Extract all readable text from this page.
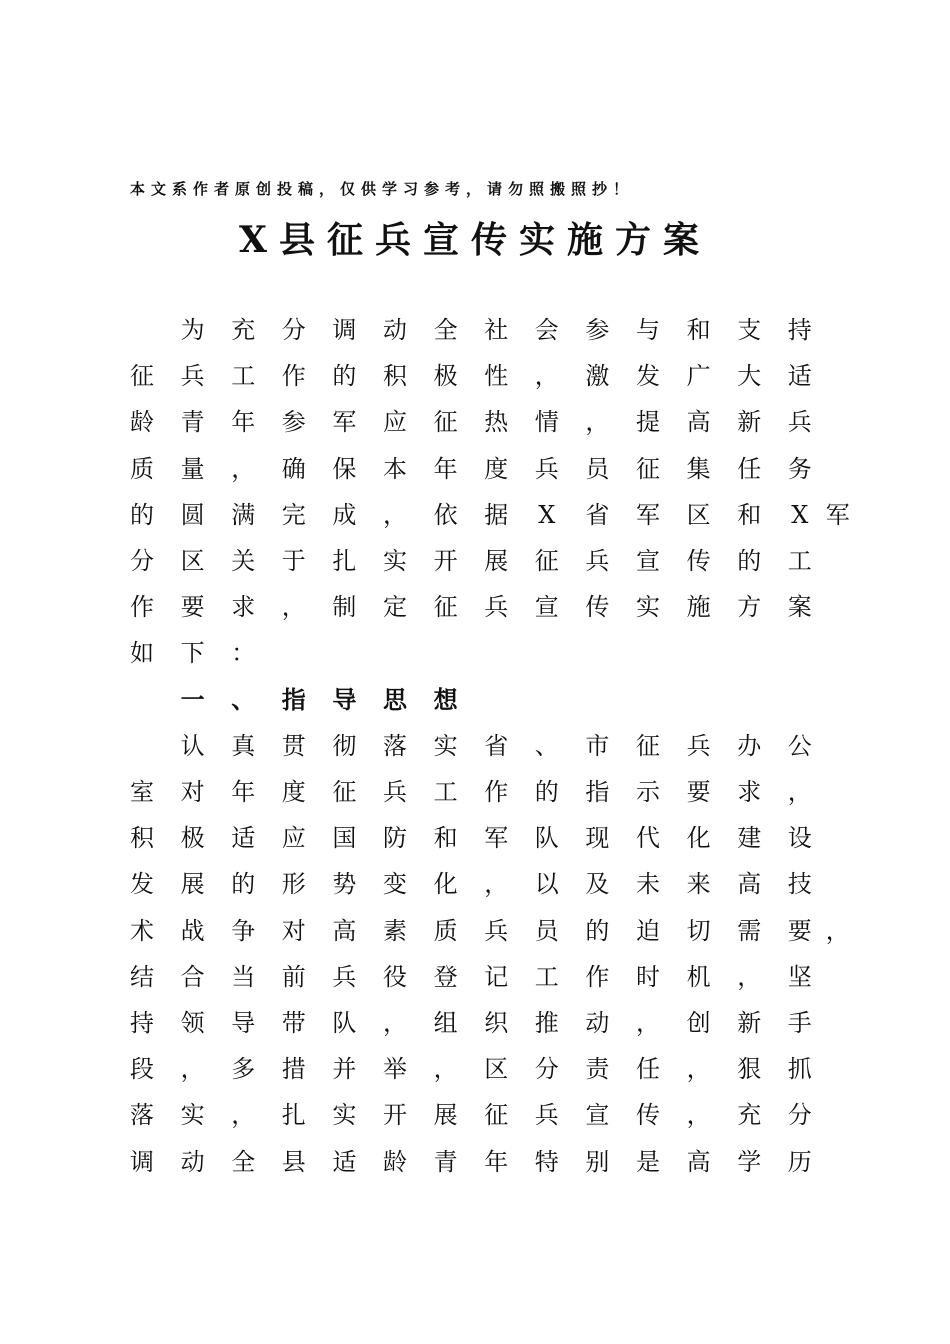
本文系作者原创投稿，仅供学习参考，请勿照搬照抄！
X县征兵宣传实施方案
为 充 分 调 动 全 社 会 参 与 和 支 持
征 兵 工 作 的 积 极 性 ， 激 发 广 大 适
龄 青 年 参 军 应 征 热 情 ， 提 高 新 兵
质 量 ， 确 保 本 年 度 兵 员 征 集 任 务
的 圆 满 完 成 ， 依 据 X 省 军 区 和 X 军
分 区 关 于 扎 实 开 展 征 兵 宣 传 的 工
作 要 求 ， 制 定 征 兵 宣 传 实 施 方 案
如 下 ：
一 、 指 导 思 想
认 真 贯 彻 落 实 省 、 市 征 兵 办 公
室 对 年 度 征 兵 工 作 的 指 示 要 求 ，
积 极 适 应 国 防 和 军 队 现 代 化 建 设
发 展 的 形 势 变 化 ， 以 及 未 来 高 技
术 战 争 对 高 素 质 兵 员 的 迫 切 需 要 ，
结 合 当 前 兵 役 登 记 工 作 时 机 ， 坚
持 领 导 带 队 ， 组 织 推 动 ， 创 新 手
段 ， 多 措 并 举 ， 区 分 责 任 ， 狠 抓
落 实 ， 扎 实 开 展 征 兵 宣 传 ， 充 分
调 动 全 县 适 龄 青 年 特 别 是 高 学 历
